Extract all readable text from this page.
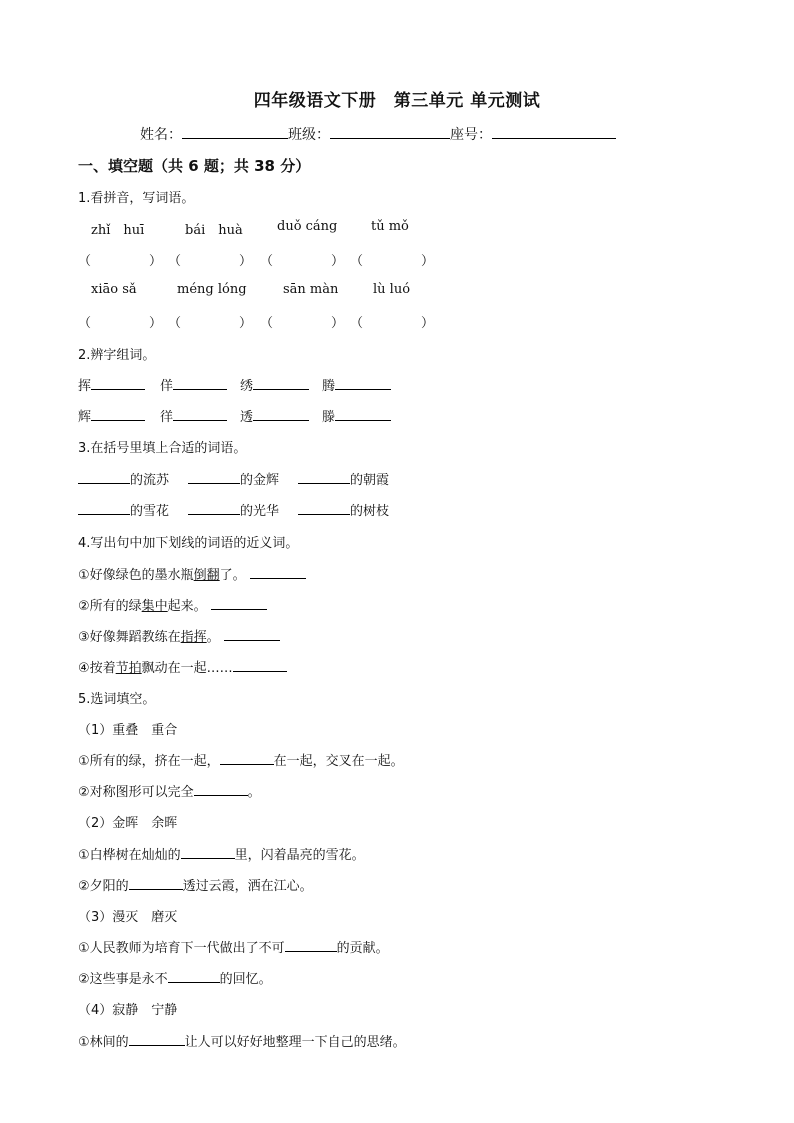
四年级语文下册　第三单元 单元测试
姓名：	班级：	座号：
一、填空题（共 6 题；共 38 分）
1.看拼音，写词语。
zhǐ　huī	bái　huà	duǒ cáng	tǔ mǒ
（	） （	） （	） （	）
xiāo sǎ	méng lóng	sān màn	lù luó
（	） （	） （	） （	）
2.辨字组词。
挥	佯	绣	腾
辉	徉	透	滕
3.在括号里填上合适的词语。
的流苏	的金辉	的朝霞
的雪花	的光华	的树枝
4.写出句中加下划线的词语的近义词。
①好像绿色的墨水瓶倒翻了。
②所有的绿集中起来。
③好像舞蹈教练在指挥。
④按着节拍飘动在一起……
5.选词填空。
（1）重叠　重合
①所有的绿，挤在一起，	在一起，交叉在一起。
②对称图形可以完全	。
（2）金晖　余晖
①白桦树在灿灿的	里，闪着晶亮的雪花。
②夕阳的	透过云霞，洒在江心。
（3）漫灭　磨灭
①人民教师为培育下一代做出了不可	的贡献。
②这些事是永不	的回忆。
（4）寂静　宁静
①林间的	让人可以好好地整理一下自己的思绪。
